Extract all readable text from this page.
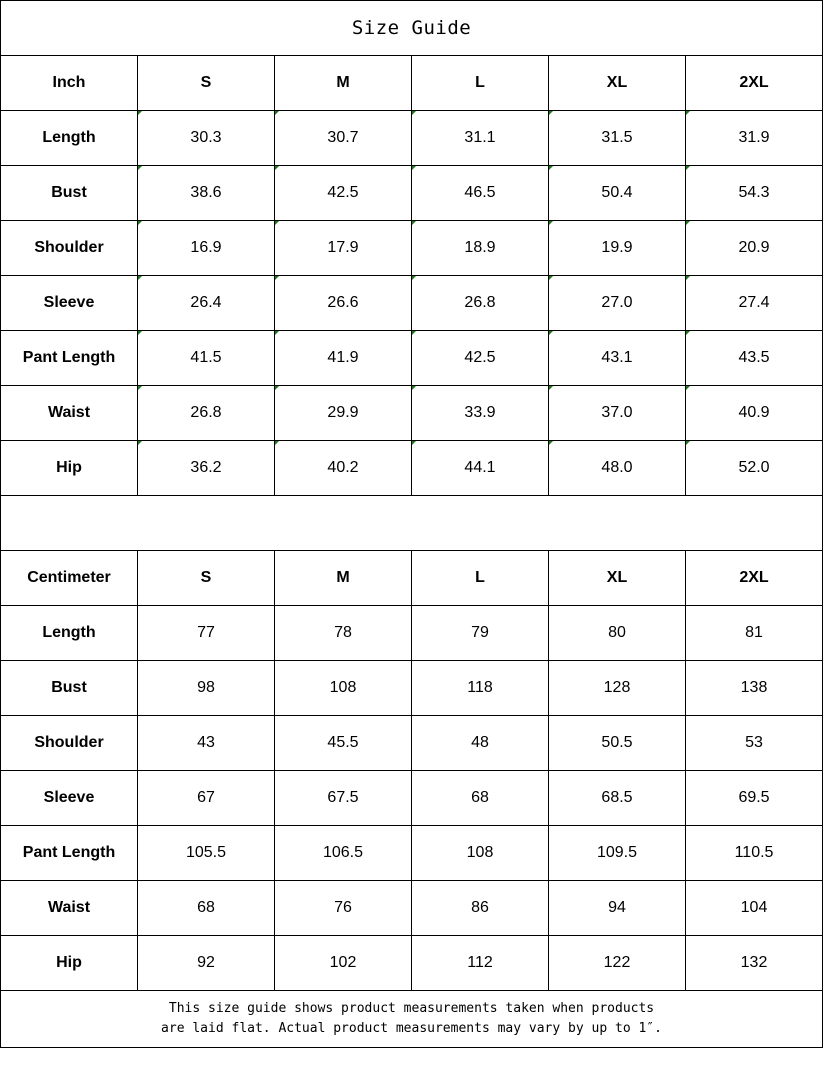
Size Guide					
Inch	S	M	L	XL	2XL
Length	30.3	30.7	31.1	31.5	31.9
Bust	38.6	42.5	46.5	50.4	54.3
Shoulder	16.9	17.9	18.9	19.9	20.9
Sleeve	26.4	26.6	26.8	27.0	27.4
Pant Length	41.5	41.9	42.5	43.1	43.5
Waist	26.8	29.9	33.9	37.0	40.9
Hip	36.2	40.2	44.1	48.0	52.0

Centimeter	S	M	L	XL	2XL
Length	77	78	79	80	81
Bust	98	108	118	128	138
Shoulder	43	45.5	48	50.5	53
Sleeve	67	67.5	68	68.5	69.5
Pant Length	105.5	106.5	108	109.5	110.5
Waist	68	76	86	94	104
Hip	92	102	112	122	132

This size guide shows product measurements taken when products
are laid flat. Actual product measurements may vary by up to 1″.					
